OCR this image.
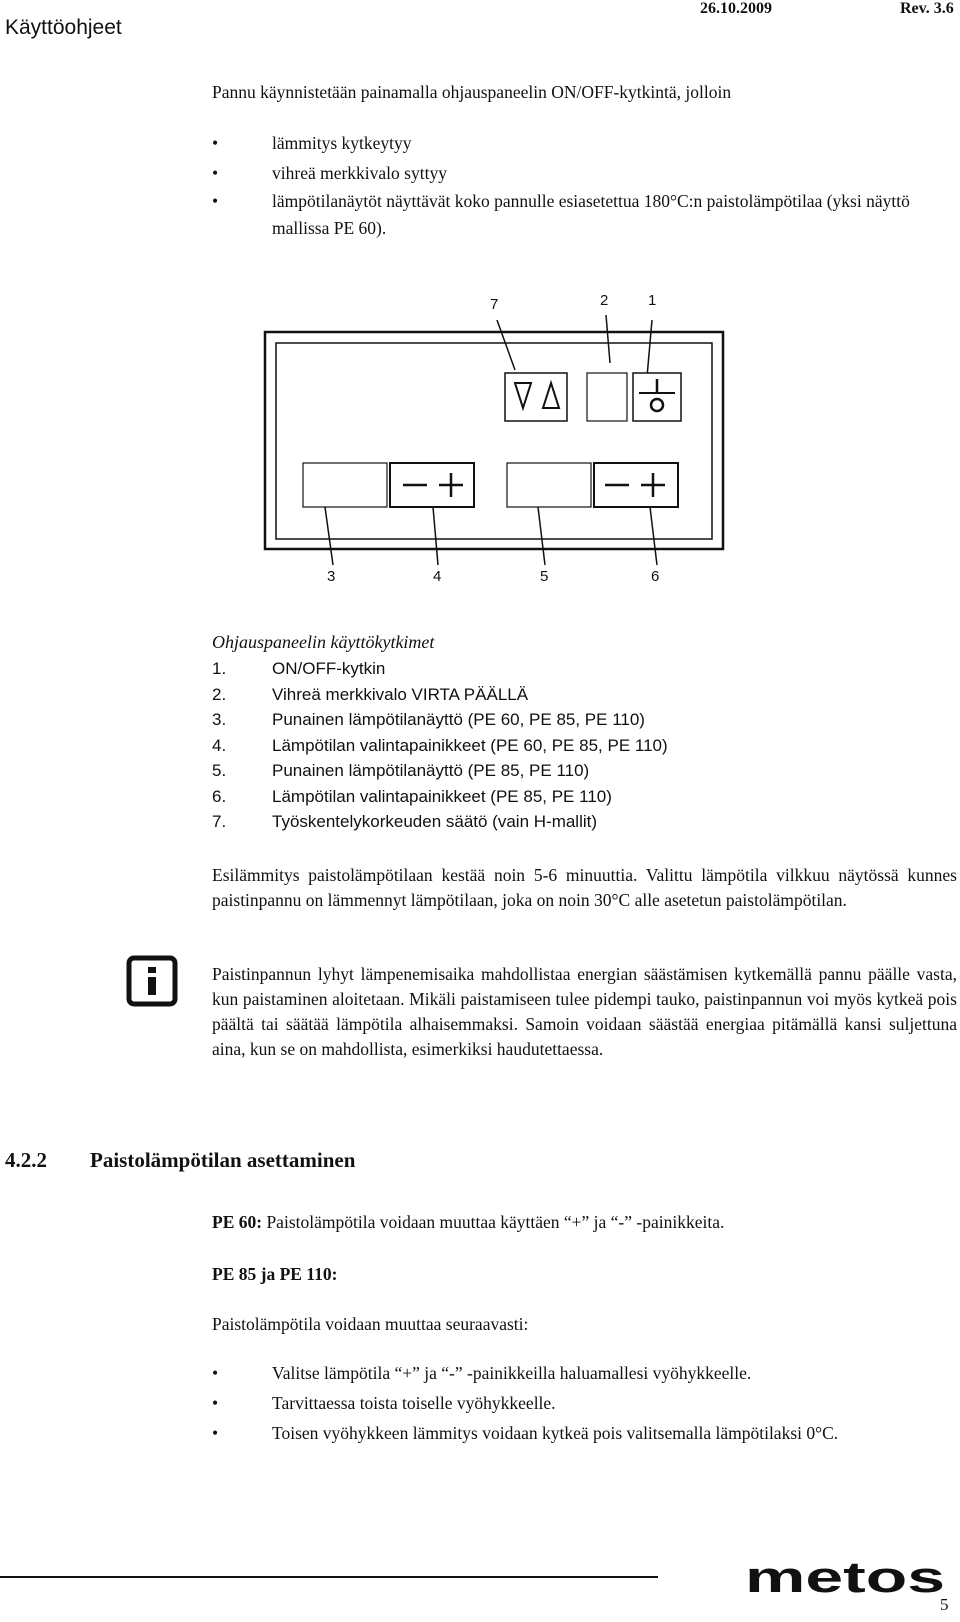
Käyttöohjeet
26.10.2009	Rev. 3.6
Pannu käynnistetään painamalla ohjauspaneelin ON/OFF-kytkintä, jolloin
• lämmitys kytkeytyy
• vihreä merkkivalo syttyy
• lämpötilanäytöt näyttävät koko pannulle esiasetettua 180°C:n paistolämpötilaa (yksi näyttö mallissa PE 60).
7	2	1
3	4	5	6
Ohjauspaneelin käyttökytkimet
1.	ON/OFF-kytkin
2.	Vihreä merkkivalo VIRTA PÄÄLLÄ
3.	Punainen lämpötilanäyttö (PE 60, PE 85, PE 110)
4.	Lämpötilan valintapainikkeet (PE 60, PE 85, PE 110)
5.	Punainen lämpötilanäyttö (PE 85, PE 110)
6.	Lämpötilan valintapainikkeet (PE 85, PE 110)
7.	Työskentelykorkeuden säätö (vain H-mallit)
Esilämmitys paistolämpötilaan kestää noin 5-6 minuuttia. Valittu lämpötila vilkkuu näytössä kunnes paistinpannu on lämmennyt lämpötilaan, joka on noin 30°C alle asetetun paistolämpötilan.
Paistinpannun lyhyt lämpenemisaika mahdollistaa energian säästämisen kytkemällä pannu päälle vasta, kun paistaminen aloitetaan. Mikäli paistamiseen tulee pidempi tauko, paistinpannun voi myös kytkeä pois päältä tai säätää lämpötila alhaisemmaksi. Samoin voidaan säästää energiaa pitämällä kansi suljettuna aina, kun se on mahdollista, esimerkiksi haudutettaessa.
4.2.2 Paistolämpötilan asettaminen
PE 60: Paistolämpötila voidaan muuttaa käyttäen “+” ja “-” -painikkeita.
PE 85 ja PE 110:
Paistolämpötila voidaan muuttaa seuraavasti:
• Valitse lämpötila “+” ja “-” -painikkeilla haluamallesi vyöhykkeelle.
• Tarvittaessa toista toiselle vyöhykkeelle.
• Toisen vyöhykkeen lämmitys voidaan kytkeä pois valitsemalla lämpötilaksi 0°C.
metos
5
